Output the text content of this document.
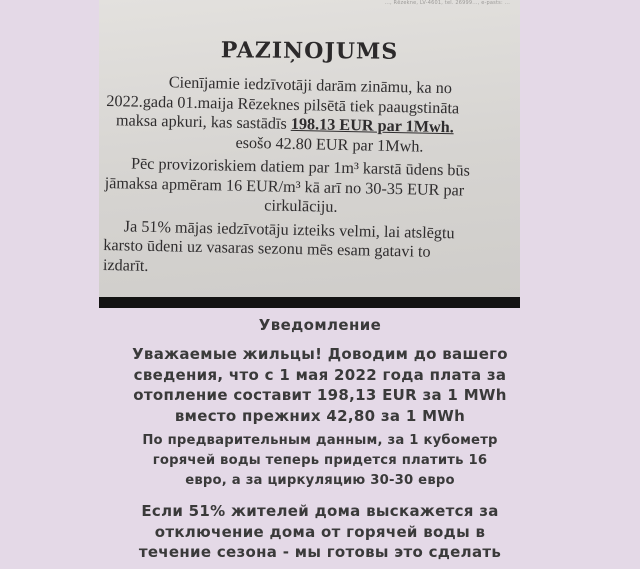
..., Rēzekne, LV-4601, tel. 26999..., e-pasts: ...
PAZIŅOJUMS
Cienījamie iedzīvotāji darām zināmu, ka no
2022.gada 01.maija Rēzeknes pilsētā tiek paaugstināta
maksa apkuri, kas sastādīs 198.13 EUR par 1Mwh.
esošo 42.80 EUR par 1Mwh.
Pēc provizoriskiem datiem par 1m³ karstā ūdens būs
jāmaksa apmēram 16 EUR/m³ kā arī no 30-35 EUR par
cirkulāciju.
Ja 51% mājas iedzīvotāju izteiks velmi, lai atslēgtu
karsto ūdeni uz vasaras sezonu mēs esam gatavi to
izdarīt.
Уведомление
Уважаемые жильцы! Доводим до вашего
сведения, что с 1 мая 2022 года плата за
отопление составит 198,13 EUR за 1 MWh
вместо прежних 42,80 за 1 MWh
По предварительным данным, за 1 кубометр
горячей воды теперь придется платить 16
евро, а за циркуляцию 30-30 евро
Если 51% жителей дома выскажется за
отключение дома от горячей воды в
течение сезона - мы готовы это сделать
